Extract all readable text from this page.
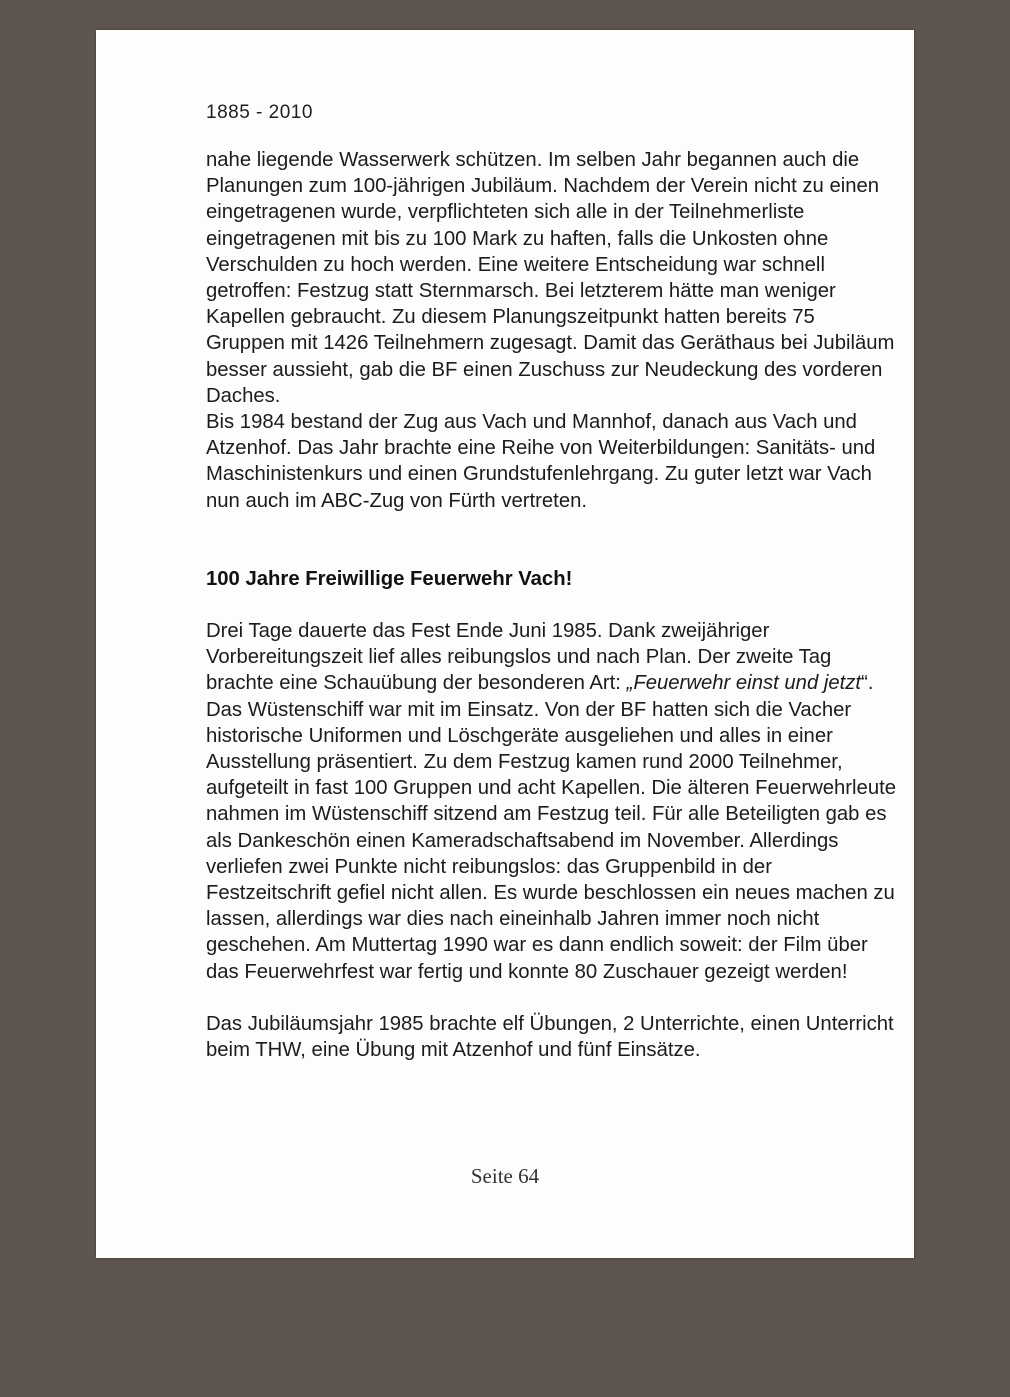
1885 - 2010

nahe liegende Wasserwerk schützen. Im selben Jahr begannen auch die Planungen zum 100-jährigen Jubiläum. Nachdem der Verein nicht zu einen eingetragenen wurde, verpflichteten sich alle in der Teilnehmerliste eingetragenen mit bis zu 100 Mark zu haften, falls die Unkosten ohne Verschulden zu hoch werden. Eine weitere Entscheidung war schnell getroffen: Festzug statt Sternmarsch. Bei letzterem hätte man weniger Kapellen gebraucht. Zu diesem Planungszeitpunkt hatten bereits 75 Gruppen mit 1426 Teilnehmern zugesagt. Damit das Geräthaus bei Jubiläum besser aussieht, gab die BF einen Zuschuss zur Neudeckung des vorderen Daches.

Bis 1984 bestand der Zug aus Vach und Mannhof, danach aus Vach und Atzenhof. Das Jahr brachte eine Reihe von Weiterbildungen: Sanitäts- und Maschinistenkurs und einen Grundstufenlehrgang. Zu guter letzt war Vach nun auch im ABC-Zug von Fürth vertreten.

100 Jahre Freiwillige Feuerwehr Vach!

Drei Tage dauerte das Fest Ende Juni 1985. Dank zweijähriger Vorbereitungszeit lief alles reibungslos und nach Plan. Der zweite Tag brachte eine Schauübung der besonderen Art: „Feuerwehr einst und jetzt“. Das Wüstenschiff war mit im Einsatz. Von der BF hatten sich die Vacher historische Uniformen und Löschgeräte ausgeliehen und alles in einer Ausstellung präsentiert. Zu dem Festzug kamen rund 2000 Teilnehmer, aufgeteilt in fast 100 Gruppen und acht Kapellen. Die älteren Feuerwehrleute nahmen im Wüstenschiff sitzend am Festzug teil. Für alle Beteiligten gab es als Dankeschön einen Kameradschaftsabend im November. Allerdings verliefen zwei Punkte nicht reibungslos: das Gruppenbild in der Festzeitschrift gefiel nicht allen. Es wurde beschlossen ein neues machen zu lassen, allerdings war dies nach eineinhalb Jahren immer noch nicht geschehen. Am Muttertag 1990 war es dann endlich soweit: der Film über das Feuerwehrfest war fertig und konnte 80 Zuschauer gezeigt werden!

Das Jubiläumsjahr 1985 brachte elf Übungen, 2 Unterrichte, einen Unterricht beim THW, eine Übung mit Atzenhof und fünf Einsätze.

Seite 64
